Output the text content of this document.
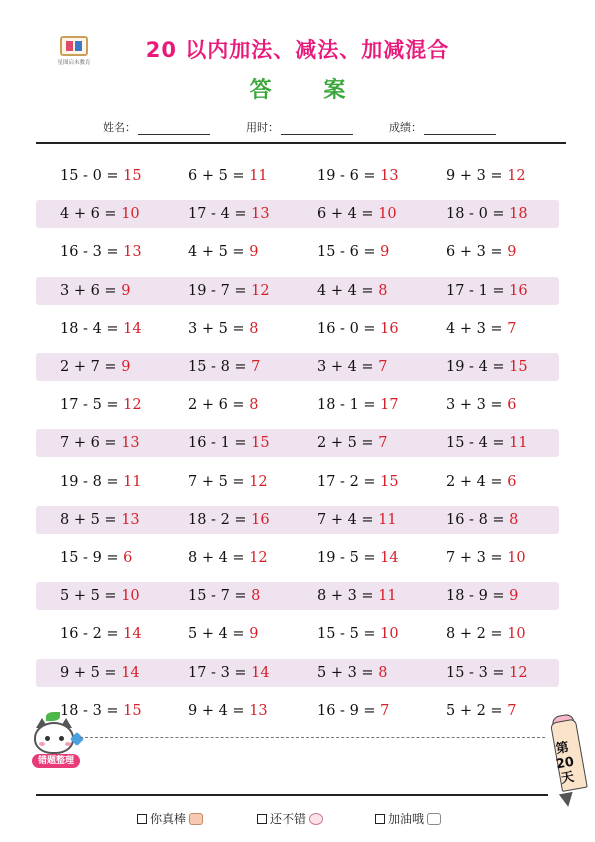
星图启未教育
20 以内加法、减法、加减混合
答 案
姓名：	用时：	成绩：
15 - 0 = 15	6 + 5 = 11	19 - 6 = 13	9 + 3 = 12
4 + 6 = 10	17 - 4 = 13	6 + 4 = 10	18 - 0 = 18
16 - 3 = 13	4 + 5 = 9	15 - 6 = 9	6 + 3 = 9
3 + 6 = 9	19 - 7 = 12	4 + 4 = 8	17 - 1 = 16
18 - 4 = 14	3 + 5 = 8	16 - 0 = 16	4 + 3 = 7
2 + 7 = 9	15 - 8 = 7	3 + 4 = 7	19 - 4 = 15
17 - 5 = 12	2 + 6 = 8	18 - 1 = 17	3 + 3 = 6
7 + 6 = 13	16 - 1 = 15	2 + 5 = 7	15 - 4 = 11
19 - 8 = 11	7 + 5 = 12	17 - 2 = 15	2 + 4 = 6
8 + 5 = 13	18 - 2 = 16	7 + 4 = 11	16 - 8 = 8
15 - 9 = 6	8 + 4 = 12	19 - 5 = 14	7 + 3 = 10
5 + 5 = 10	15 - 7 = 8	8 + 3 = 11	18 - 9 = 9
16 - 2 = 14	5 + 4 = 9	15 - 5 = 10	8 + 2 = 10
9 + 5 = 14	17 - 3 = 14	5 + 3 = 8	15 - 3 = 12
18 - 3 = 15	9 + 4 = 13	16 - 9 = 7	5 + 2 = 7
错题整理
第20天
你真棒	还不错	加油哦
